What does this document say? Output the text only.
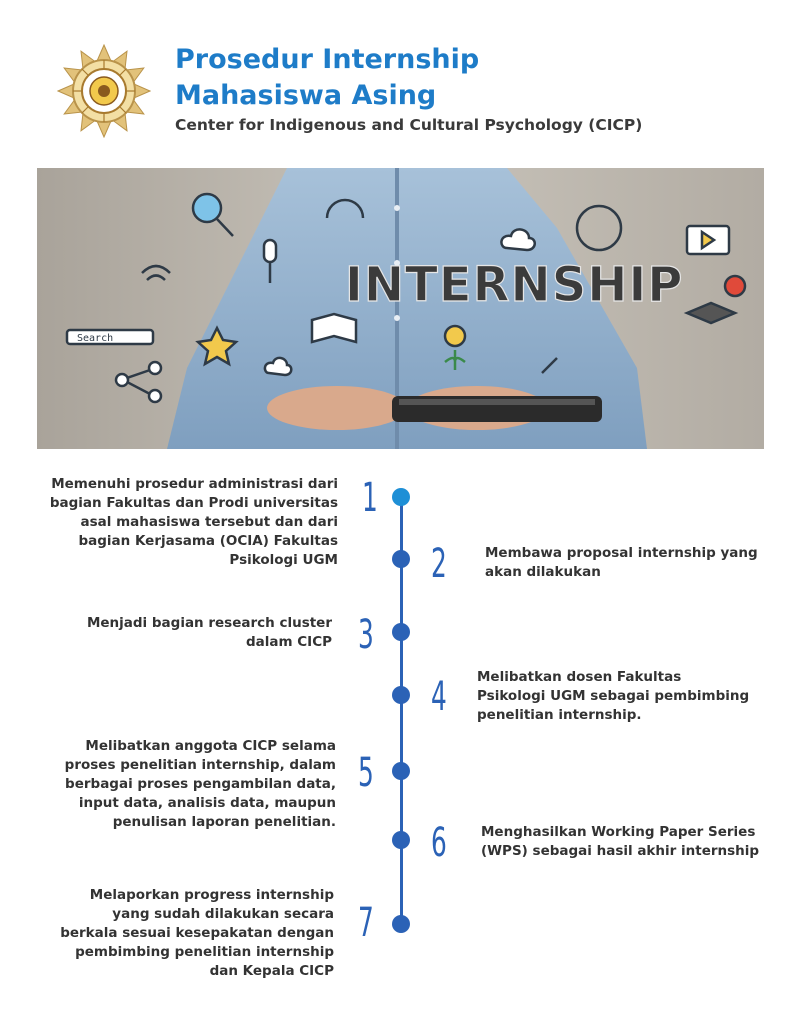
Prosedur Internship
Mahasiswa Asing
Center for Indigenous and Cultural Psychology (CICP)
INTERNSHIP
Search
1
Memenuhi prosedur administrasi dari
bagian Fakultas dan Prodi universitas
asal mahasiswa tersebut dan dari
bagian Kerjasama (OCIA) Fakultas
Psikologi UGM 2	Membawa proposal internship yang
akan dilakukan
3
Menjadi bagian research cluster
dalam CICP
4 Melibatkan dosen Fakultas
Psikologi UGM sebagai pembimbing
penelitian internship.
5
Melibatkan anggota CICP selama
proses penelitian internship, dalam
berbagai proses pengambilan data,
input data, analisis data, maupun
penulisan laporan penelitian. 6	Menghasilkan Working Paper Series
(WPS) sebagai hasil akhir internship
7
Melaporkan progress internship
yang sudah dilakukan secara
berkala sesuai kesepakatan dengan
pembimbing penelitian internship
dan Kepala CICP
